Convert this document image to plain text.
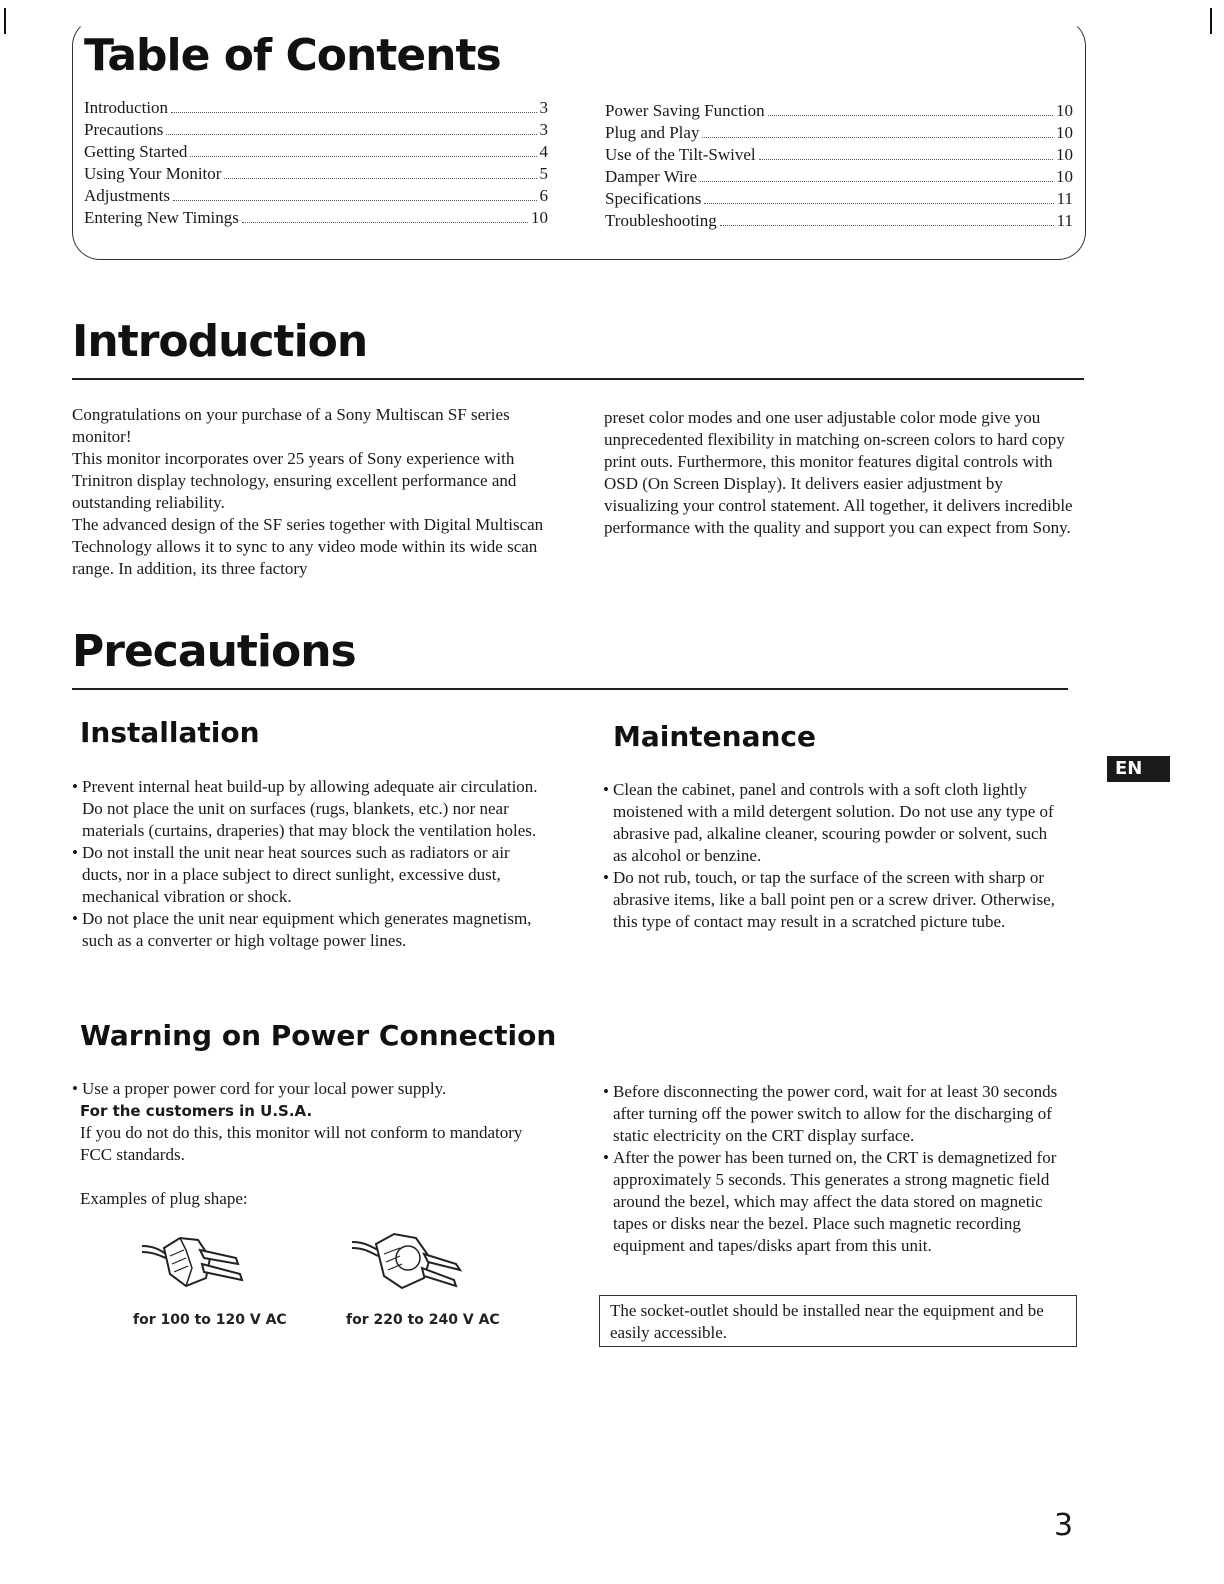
Table of Contents
Introduction	3
Precautions	3
Getting Started	4
Using Your Monitor	5
Adjustments	6
Entering New Timings	10
Power Saving Function	10
Plug and Play	10
Use of the Tilt-Swivel	10
Damper Wire	10
Specifications	11
Troubleshooting	11
Introduction

Congratulations on your purchase of a Sony Multiscan SF series monitor!

This monitor incorporates over 25 years of Sony experience with Trinitron display technology, ensuring excellent performance and outstanding reliability.

The advanced design of the SF series together with Digital Multiscan Technology allows it to sync to any video mode within its wide scan range. In addition, its three factory

preset color modes and one user adjustable color mode give you unprecedented flexibility in matching on-screen colors to hard copy print outs. Furthermore, this monitor features digital controls with OSD (On Screen Display). It delivers easier adjustment by visualizing your control statement. All together, it delivers incredible performance with the quality and support you can expect from Sony.

Precautions
Installation
• Prevent internal heat build-up by allowing adequate air circulation. Do not place the unit on surfaces (rugs, blankets, etc.) nor near materials (curtains, draperies) that may block the ventilation holes.
• Do not install the unit near heat sources such as radiators or air ducts, nor in a place subject to direct sunlight, excessive dust, mechanical vibration or shock.
• Do not place the unit near equipment which generates magnetism, such as a converter or high voltage power lines.
Maintenance
• Clean the cabinet, panel and controls with a soft cloth lightly moistened with a mild detergent solution. Do not use any type of abrasive pad, alkaline cleaner, scouring powder or solvent, such as alcohol or benzine.
• Do not rub, touch, or tap the surface of the screen with sharp or abrasive items, like a ball point pen or a screw driver. Otherwise, this type of contact may result in a scratched picture tube.
EN
Warning on Power Connection
• Use a proper power cord for your local power supply.
For the customers in U.S.A.

If you do not do this, this monitor will not conform to mandatory FCC standards.

Examples of plug shape:

for 100 to 120 V AC	for 220 to 240 V AC
• Before disconnecting the power cord, wait for at least 30 seconds after turning off the power switch to allow for the discharging of static electricity on the CRT display surface.
• After the power has been turned on, the CRT is demagnetized for approximately 5 seconds. This generates a strong magnetic field around the bezel, which may affect the data stored on magnetic tapes or disks near the bezel. Place such magnetic recording equipment and tapes/disks apart from this unit.
The socket-outlet should be installed near the equipment and be easily accessible.
3
